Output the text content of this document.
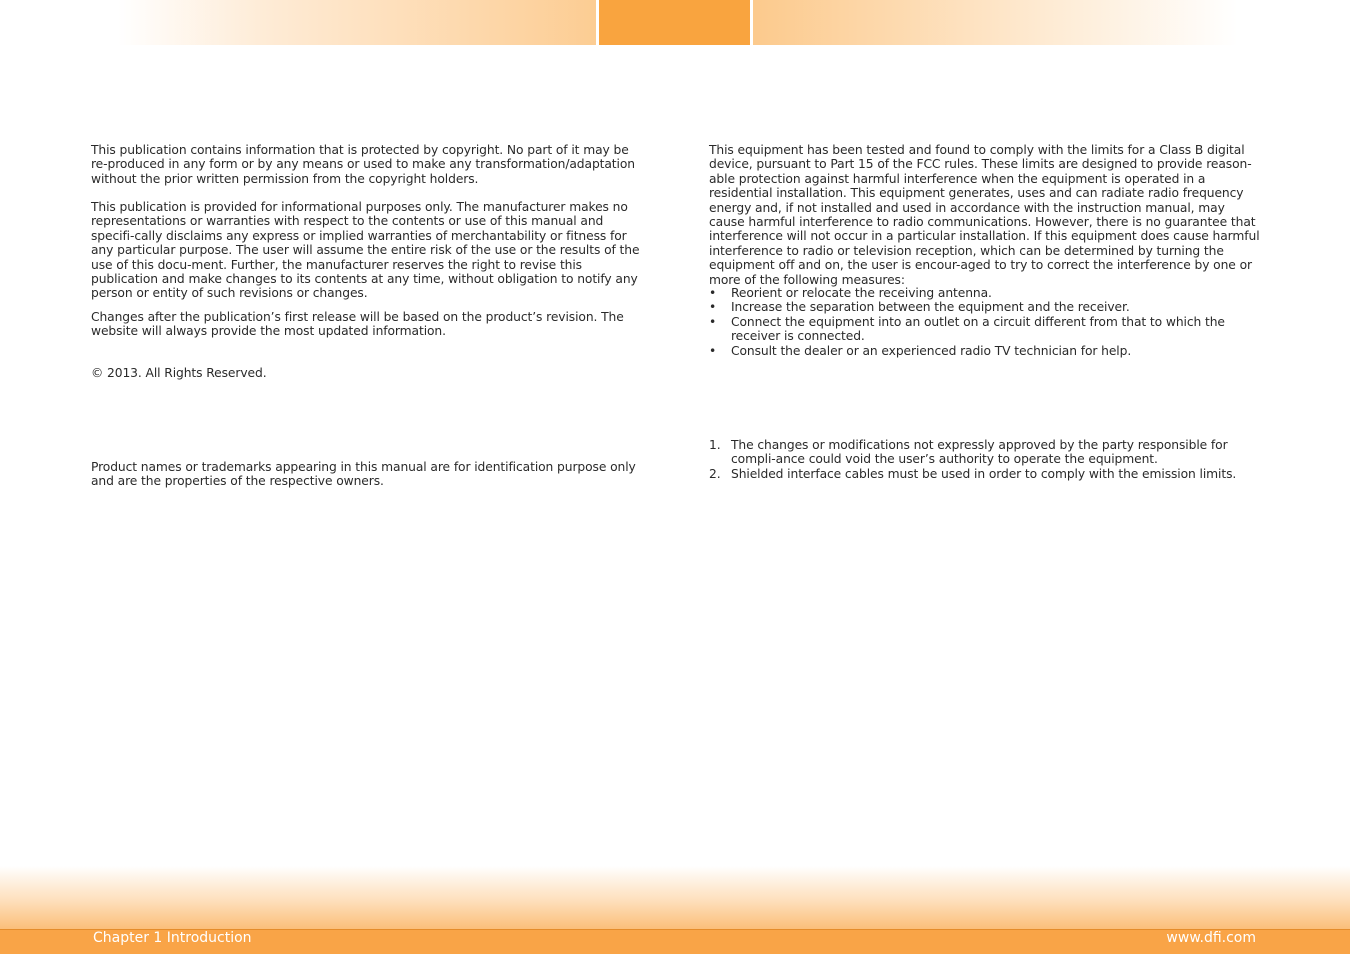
This publication contains information that is protected by copyright. No part of it may be re-produced in any form or by any means or used to make any transformation/adaptation without the prior written permission from the copyright holders.

This publication is provided for informational purposes only. The manufacturer makes no representations or warranties with respect to the contents or use of this manual and specifi-cally disclaims any express or implied warranties of merchantability or fitness for any particular purpose. The user will assume the entire risk of the use or the results of the use of this docu-ment. Further, the manufacturer reserves the right to revise this publication and make changes to its contents at any time, without obligation to notify any person or entity of such revisions or changes.

Changes after the publication’s first release will be based on the product’s revision. The website will always provide the most updated information.

© 2013. All Rights Reserved.

Product names or trademarks appearing in this manual are for identification purpose only and are the properties of the respective owners.

This equipment has been tested and found to comply with the limits for a Class B digital device, pursuant to Part 15 of the FCC rules. These limits are designed to provide reason-able protection against harmful interference when the equipment is operated in a residential installation. This equipment generates, uses and can radiate radio frequency energy and, if not installed and used in accordance with the instruction manual, may cause harmful interference to radio communications. However, there is no guarantee that interference will not occur in a particular installation. If this equipment does cause harmful interference to radio or television reception, which can be determined by turning the equipment off and on, the user is encour-aged to try to correct the interference by one or more of the following measures:

• Reorient or relocate the receiving antenna.
• Increase the separation between the equipment and the receiver.
• Connect the equipment into an outlet on a circuit different from that to which the receiver is connected.
• Consult the dealer or an experienced radio TV technician for help.
1. The changes or modifications not expressly approved by the party responsible for compli-ance could void the user’s authority to operate the equipment.
2. Shielded interface cables must be used in order to comply with the emission limits.
Chapter 1 Introduction	www.dfi.com
